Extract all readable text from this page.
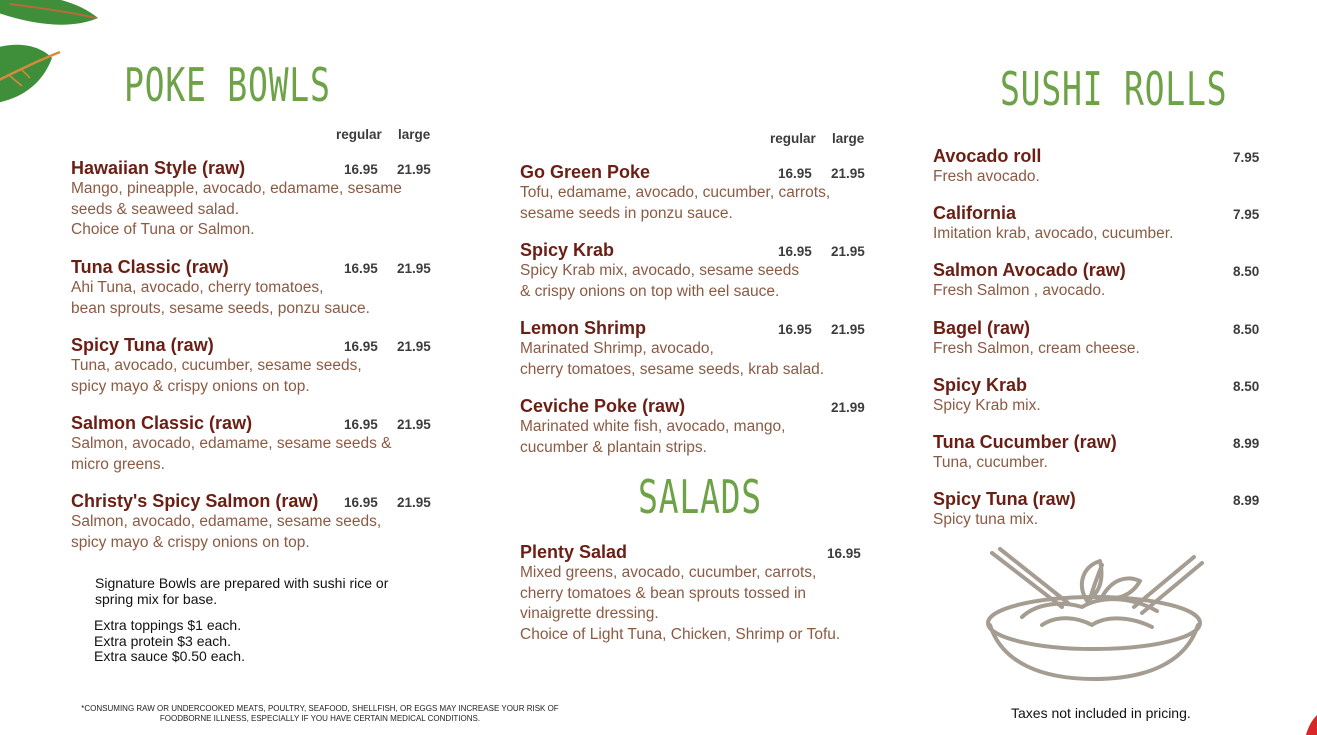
POKE BOWLS
regular large
Hawaiian Style (raw)	16.95 21.95
Mango, pineapple, avocado, edamame, sesame
seeds & seaweed salad.
Choice of Tuna or Salmon.
Tuna Classic (raw)	16.95 21.95
Ahi Tuna, avocado, cherry tomatoes,
bean sprouts, sesame seeds, ponzu sauce.
Spicy Tuna (raw)	16.95 21.95
Tuna, avocado, cucumber, sesame seeds,
spicy mayo & crispy onions on top.
Salmon Classic (raw)	16.95 21.95
Salmon, avocado, edamame, sesame seeds &
micro greens.
Christy's Spicy Salmon (raw)	16.95 21.95
Salmon, avocado, edamame, sesame seeds,
spicy mayo & crispy onions on top.
Signature Bowls are prepared with sushi rice or
spring mix for base.
Extra toppings $1 each.
Extra protein $3 each.
Extra sauce $0.50 each.
regular large
Go Green Poke	16.95 21.95
Tofu, edamame, avocado, cucumber, carrots,
sesame seeds in ponzu sauce.
Spicy Krab	16.95 21.95
Spicy Krab mix, avocado, sesame seeds
& crispy onions on top with eel sauce.
Lemon Shrimp	16.95 21.95
Marinated Shrimp, avocado,
cherry tomatoes, sesame seeds, krab salad.
Ceviche Poke (raw)	21.99
Marinated white fish, avocado, mango,
cucumber & plantain strips.
SALADS
Plenty Salad	16.95
Mixed greens, avocado, cucumber, carrots,
cherry tomatoes & bean sprouts tossed in
vinaigrette dressing.
Choice of Light Tuna, Chicken, Shrimp or Tofu.
SUSHI ROLLS
Avocado roll	7.95
Fresh avocado.
California	7.95
Imitation krab, avocado, cucumber.
Salmon Avocado (raw)	8.50
Fresh Salmon , avocado.
Bagel (raw)	8.50
Fresh Salmon, cream cheese.
Spicy Krab	8.50
Spicy Krab mix.
Tuna Cucumber (raw)	8.99
Tuna, cucumber.
Spicy Tuna (raw)	8.99
Spicy tuna mix.
*CONSUMING RAW OR UNDERCOOKED MEATS, POULTRY, SEAFOOD, SHELLFISH, OR EGGS MAY INCREASE YOUR RISK OF
FOODBORNE ILLNESS, ESPECIALLY IF YOU HAVE CERTAIN MEDICAL CONDITIONS.	Taxes not included in pricing.
